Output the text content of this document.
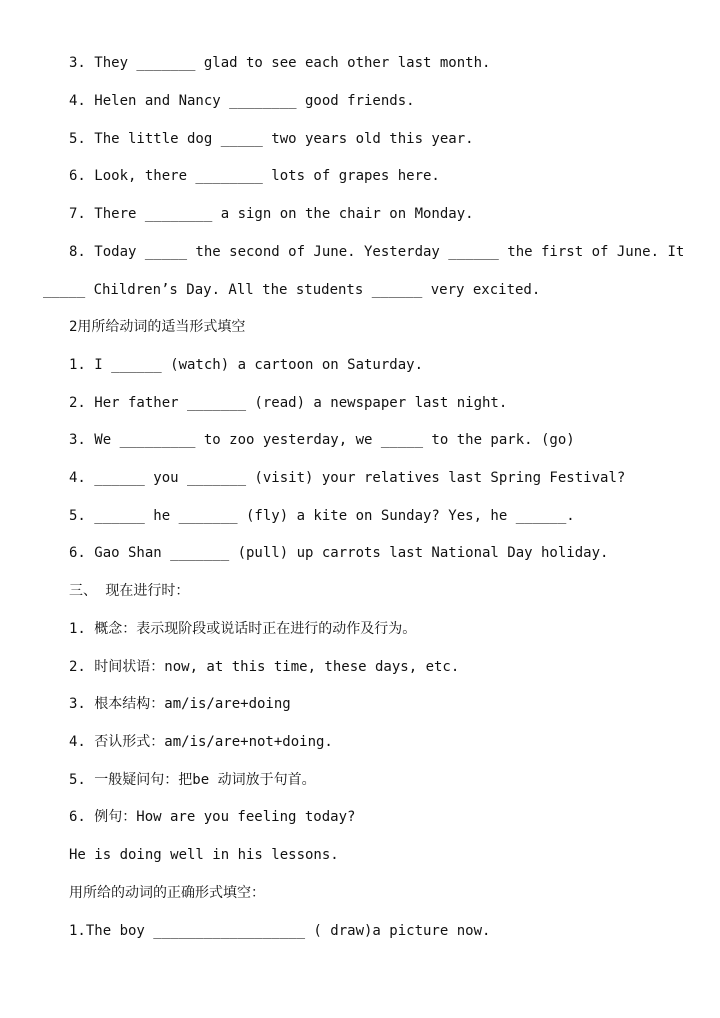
3. They _______ glad to see each other last month.
4. Helen and Nancy ________ good friends.
5. The little dog _____ two years old this year.
6. Look, there ________ lots of grapes here.
7. There ________ a sign on the chair on Monday.
8. Today _____ the second of June. Yesterday ______ the first of June. It
_____ Children’s Day. All the students ______ very excited.
2用所给动词的适当形式填空
1. I ______ (watch) a cartoon on Saturday.
2. Her father _______ (read) a newspaper last night.
3. We _________ to zoo yesterday, we _____ to the park. (go)
4. ______ you _______ (visit) your relatives last Spring Festival?
5. ______ he _______ (fly) a kite on Sunday? Yes, he ______.
6. Gao Shan _______ (pull) up carrots last National Day holiday.
三、 现在进行时：
1. 概念：表示现阶段或说话时正在进行的动作及行为。
2. 时间状语：now, at this time, these days, etc.
3. 根本结构：am/is/are+doing
4. 否认形式：am/is/are+not+doing.
5. 一般疑问句：把be 动词放于句首。
6. 例句：How are you feeling today?
He is doing well in his lessons.
用所给的动词的正确形式填空：
1.The boy __________________ ( draw)a picture now.
